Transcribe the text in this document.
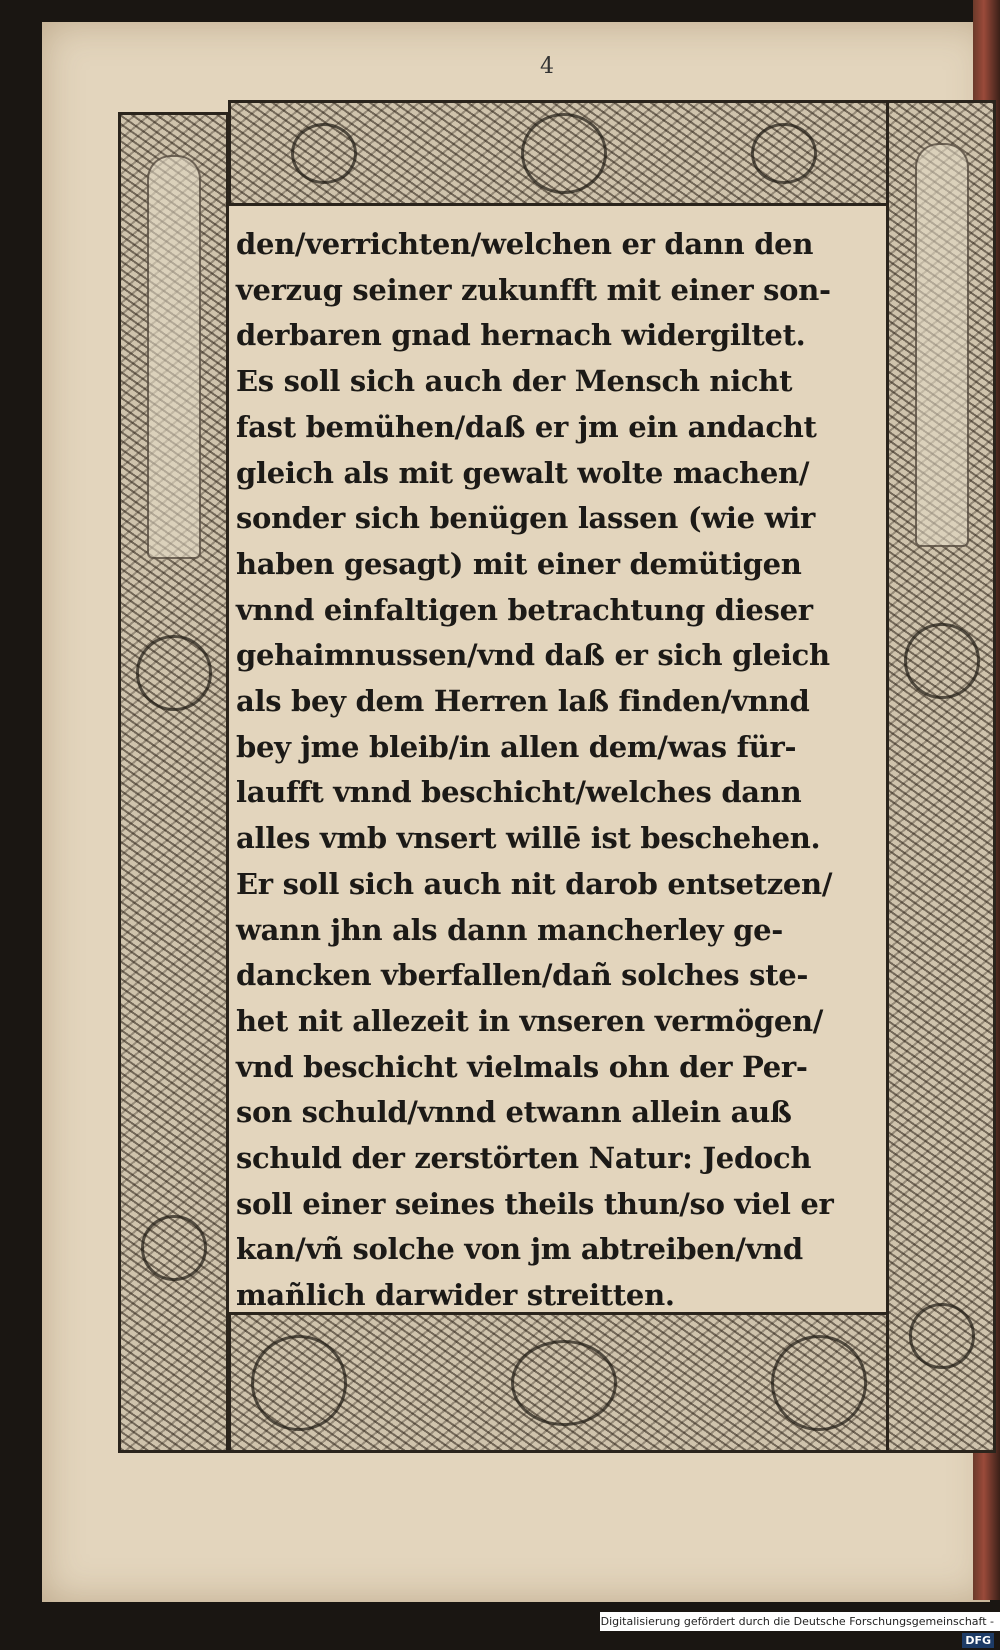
4
den/verrichten/welchen er dann den
verzug seiner zukunfft mit einer son-
derbaren gnad hernach widergiltet.
Es soll sich auch der Mensch nicht
fast bemühen/daß er jm ein andacht
gleich als mit gewalt wolte machen/
sonder sich benügen lassen (wie wir
haben gesagt) mit einer demütigen
vnnd einfaltigen betrachtung dieser
gehaimnussen/vnd daß er sich gleich
als bey dem Herren laß finden/vnnd
bey jme bleib/in allen dem/was für-
laufft vnnd beschicht/welches dann
alles vmb vnsert willē ist beschehen.
Er soll sich auch nit darob entsetzen/
wann jhn als dann mancherley ge-
dancken vberfallen/dañ solches ste-
het nit allezeit in vnseren vermögen/
vnd beschicht vielmals ohn der Per-
son schuld/vnnd etwann allein auß
schuld der zerstörten Natur: Jedoch
soll einer seines theils thun/so viel er
kan/vñ solche von jm abtreiben/vnd
mañlich darwider streitten.
Digitalisierung gefördert durch die Deutsche Forschungsgemeinschaft -DFG
